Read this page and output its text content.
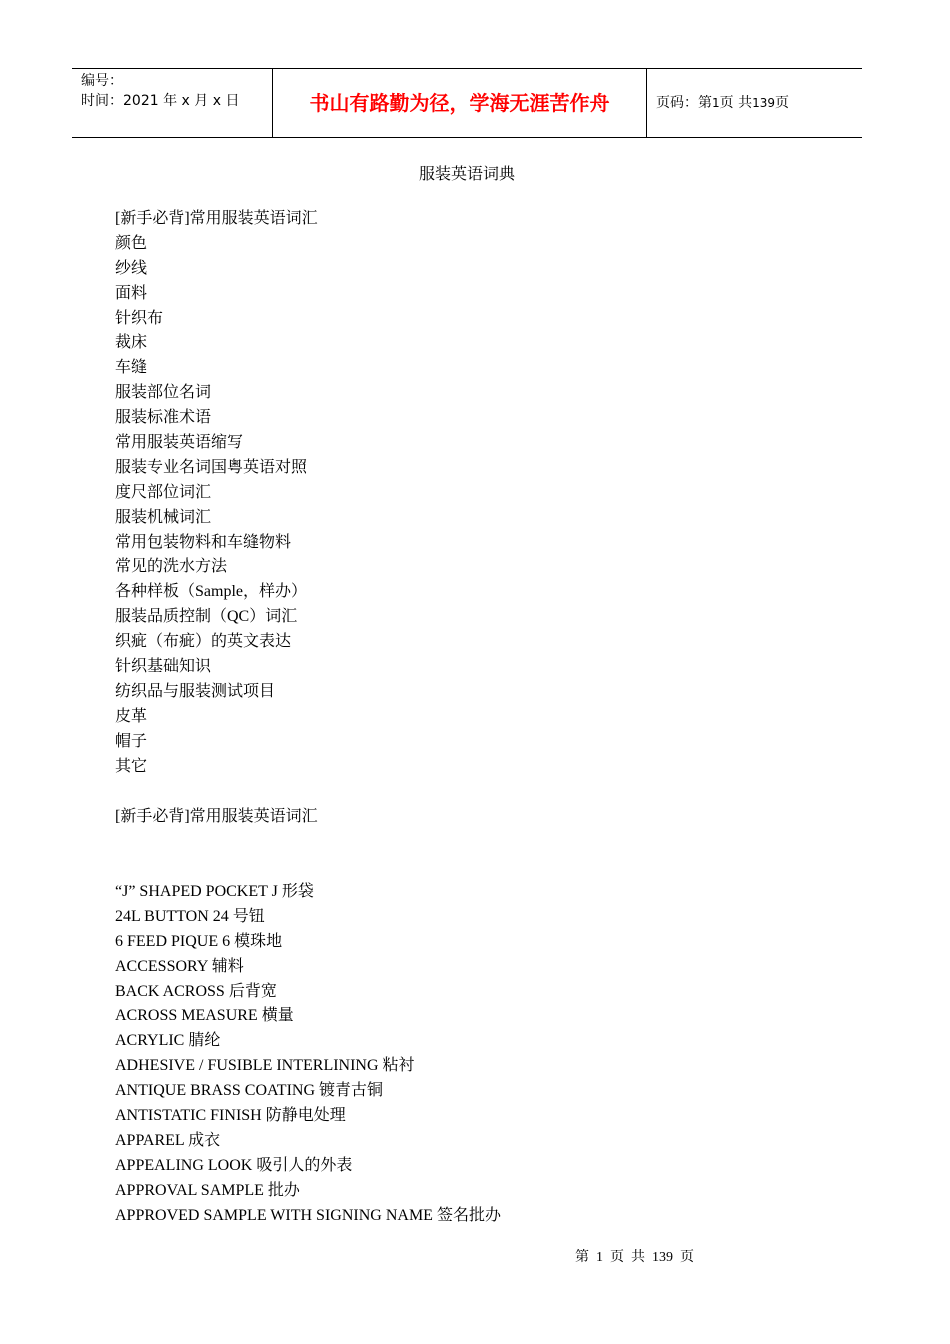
编号：
时间：2021 年 x 月 x 日	书山有路勤为径，学海无涯苦作舟	页码：第1页 共139页
服装英语词典
[新手必背]常用服装英语词汇
颜色
纱线
面料
针织布
裁床
车缝
服装部位名词
服装标准术语
常用服装英语缩写
服装专业名词国粤英语对照
度尺部位词汇
服装机械词汇
常用包装物料和车缝物料
常见的洗水方法
各种样板（Sample，样办）
服装品质控制（QC）词汇
织疵（布疵）的英文表达
针织基础知识
纺织品与服装测试项目
皮革
帽子
其它
[新手必背]常用服装英语词汇
“J” SHAPED POCKET J 形袋
24L BUTTON 24 号钮
6 FEED PIQUE 6 模珠地
ACCESSORY 辅料
BACK ACROSS 后背宽
ACROSS MEASURE 横量
ACRYLIC 腈纶
ADHESIVE / FUSIBLE INTERLINING 粘衬
ANTIQUE BRASS COATING 镀青古铜
ANTISTATIC FINISH 防静电处理
APPAREL 成衣
APPEALING LOOK 吸引人的外表
APPROVAL SAMPLE 批办
APPROVED SAMPLE WITH SIGNING NAME 签名批办
第  1  页  共  139  页
